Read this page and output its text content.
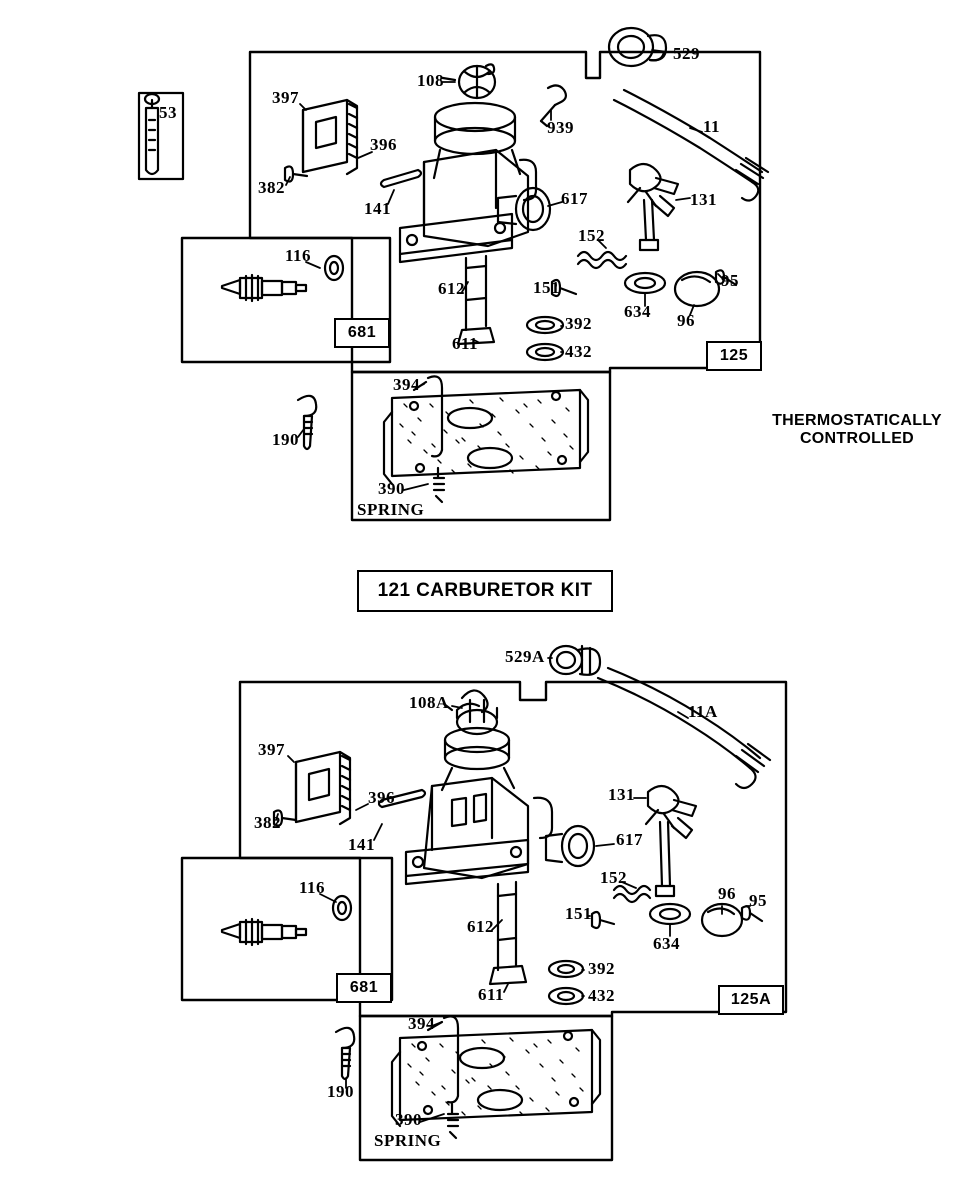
53
108
529
939	11
397
396
382
141
617	131
152
151
634 96
95
116
612
611
392
432
681
125
394
190
390
SPRING
THERMOSTATICALLY
CONTROLLED
121 CARBURETOR KIT
529A
108A	11A
397
396
382
141
131
617
152
151
96
634
95
116
612
611
392
432
681
125A
394
190
390
SPRING
